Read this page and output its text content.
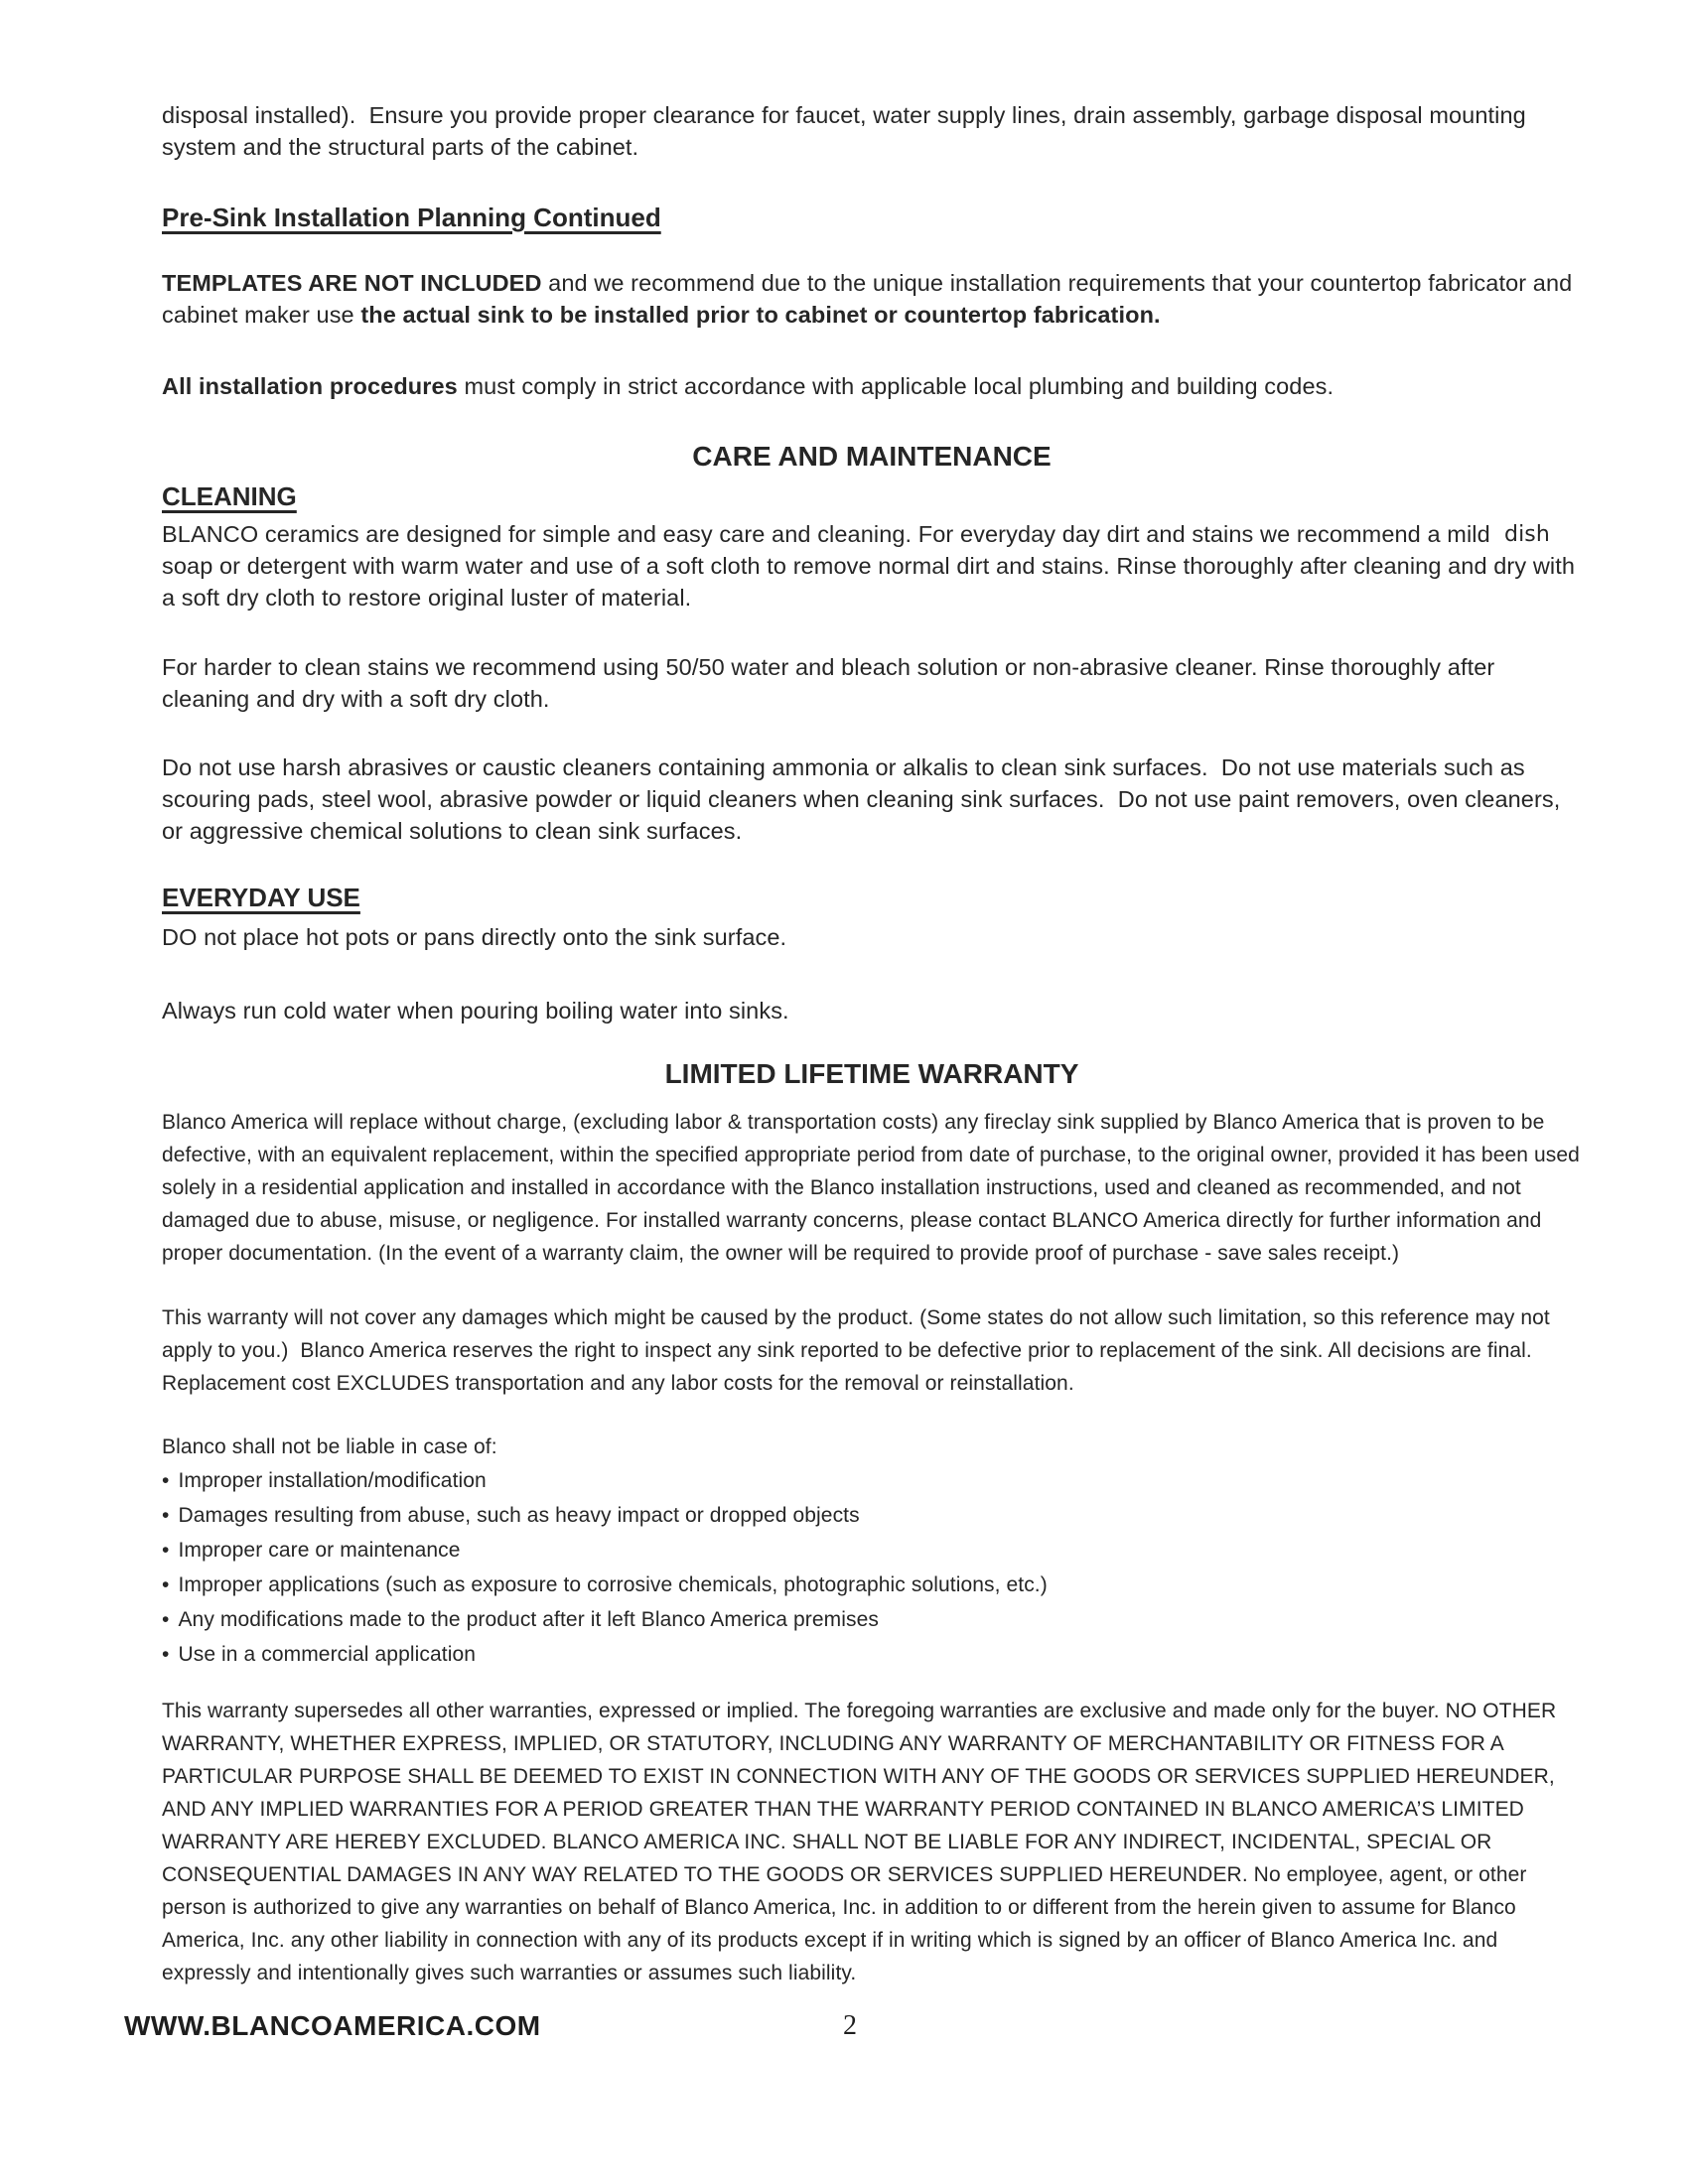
disposal installed).  Ensure you provide proper clearance for faucet, water supply lines, drain assembly, garbage disposal mounting system and the structural parts of the cabinet.

Pre-Sink Installation Planning Continued

TEMPLATES ARE NOT INCLUDED and we recommend due to the unique installation requirements that your countertop fabricator and cabinet maker use the actual sink to be installed prior to cabinet or countertop fabrication.

All installation procedures must comply in strict accordance with applicable local plumbing and building codes.

CARE AND MAINTENANCE
CLEANING

BLANCO ceramics are designed for simple and easy care and cleaning. For everyday day dirt and stains we recommend a mild dish
soap or detergent with warm water and use of a soft cloth to remove normal dirt and stains. Rinse thoroughly after cleaning and dry with a soft dry cloth to restore original luster of material.

For harder to clean stains we recommend using 50/50 water and bleach solution or non-abrasive cleaner. Rinse thoroughly after cleaning and dry with a soft dry cloth.

Do not use harsh abrasives or caustic cleaners containing ammonia or alkalis to clean sink surfaces.  Do not use materials such as scouring pads, steel wool, abrasive powder or liquid cleaners when cleaning sink surfaces.  Do not use paint removers, oven cleaners, or aggressive chemical solutions to clean sink surfaces.

EVERYDAY USE

DO not place hot pots or pans directly onto the sink surface.

Always run cold water when pouring boiling water into sinks.

LIMITED LIFETIME WARRANTY

Blanco America will replace without charge, (excluding labor & transportation costs) any fireclay sink supplied by Blanco America that is proven to be defective, with an equivalent replacement, within the specified appropriate period from date of purchase, to the original owner, provided it has been used solely in a residential application and installed in accordance with the Blanco installation instructions, used and cleaned as recommended, and not damaged due to abuse, misuse, or negligence. For installed warranty concerns, please contact BLANCO America directly for further information and proper documentation. (In the event of a warranty claim, the owner will be required to provide proof of purchase - save sales receipt.)

This warranty will not cover any damages which might be caused by the product. (Some states do not allow such limitation, so this reference may not apply to you.)  Blanco America reserves the right to inspect any sink reported to be defective prior to replacement of the sink. All decisions are final. Replacement cost EXCLUDES transportation and any labor costs for the removal or reinstallation.

Blanco shall not be liable in case of:

• Improper installation/modification
• Damages resulting from abuse, such as heavy impact or dropped objects
• Improper care or maintenance
• Improper applications (such as exposure to corrosive chemicals, photographic solutions, etc.)
• Any modifications made to the product after it left Blanco America premises
• Use in a commercial application

This warranty supersedes all other warranties, expressed or implied. The foregoing warranties are exclusive and made only for the buyer. NO OTHER WARRANTY, WHETHER EXPRESS, IMPLIED, OR STATUTORY, INCLUDING ANY WARRANTY OF MERCHANTABILITY OR FITNESS FOR A PARTICULAR PURPOSE SHALL BE DEEMED TO EXIST IN CONNECTION WITH ANY OF THE GOODS OR SERVICES SUPPLIED HEREUNDER, AND ANY IMPLIED WARRANTIES FOR A PERIOD GREATER THAN THE WARRANTY PERIOD CONTAINED IN BLANCO AMERICA’S LIMITED WARRANTY ARE HEREBY EXCLUDED. BLANCO AMERICA INC. SHALL NOT BE LIABLE FOR ANY INDIRECT, INCIDENTAL, SPECIAL OR CONSEQUENTIAL DAMAGES IN ANY WAY RELATED TO THE GOODS OR SERVICES SUPPLIED HEREUNDER. No employee, agent, or other person is authorized to give any warranties on behalf of Blanco America, Inc. in addition to or different from the herein given to assume for Blanco America, Inc. any other liability in connection with any of its products except if in writing which is signed by an officer of Blanco America Inc. and expressly and intentionally gives such warranties or assumes such liability.

WWW.BLANCOAMERICA.COM	2
